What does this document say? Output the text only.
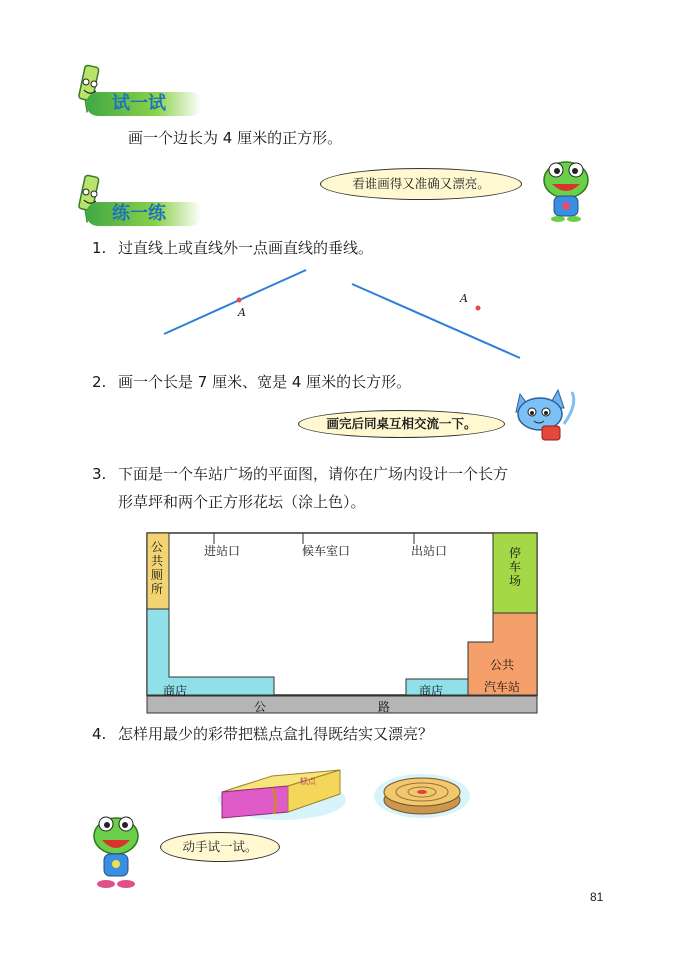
试一试
画一个边长为 4 厘米的正方形。
练一练
看谁画得又准确又漂亮。
1. 过直线上或直线外一点画直线的垂线。
A
A
2. 画一个长是 7 厘米、宽是 4 厘米的长方形。
画完后同桌互相交流一下。
3. 下面是一个车站广场的平面图，请你在广场内设计一个长方
形草坪和两个正方形花坛（涂上色）。
公共厕所
进站口	候车室口	出站口	停车场
公共
汽车站
商店	商店
公	路
4. 怎样用最少的彩带把糕点盒扎得既结实又漂亮？
糕点
动手试一试。
81
